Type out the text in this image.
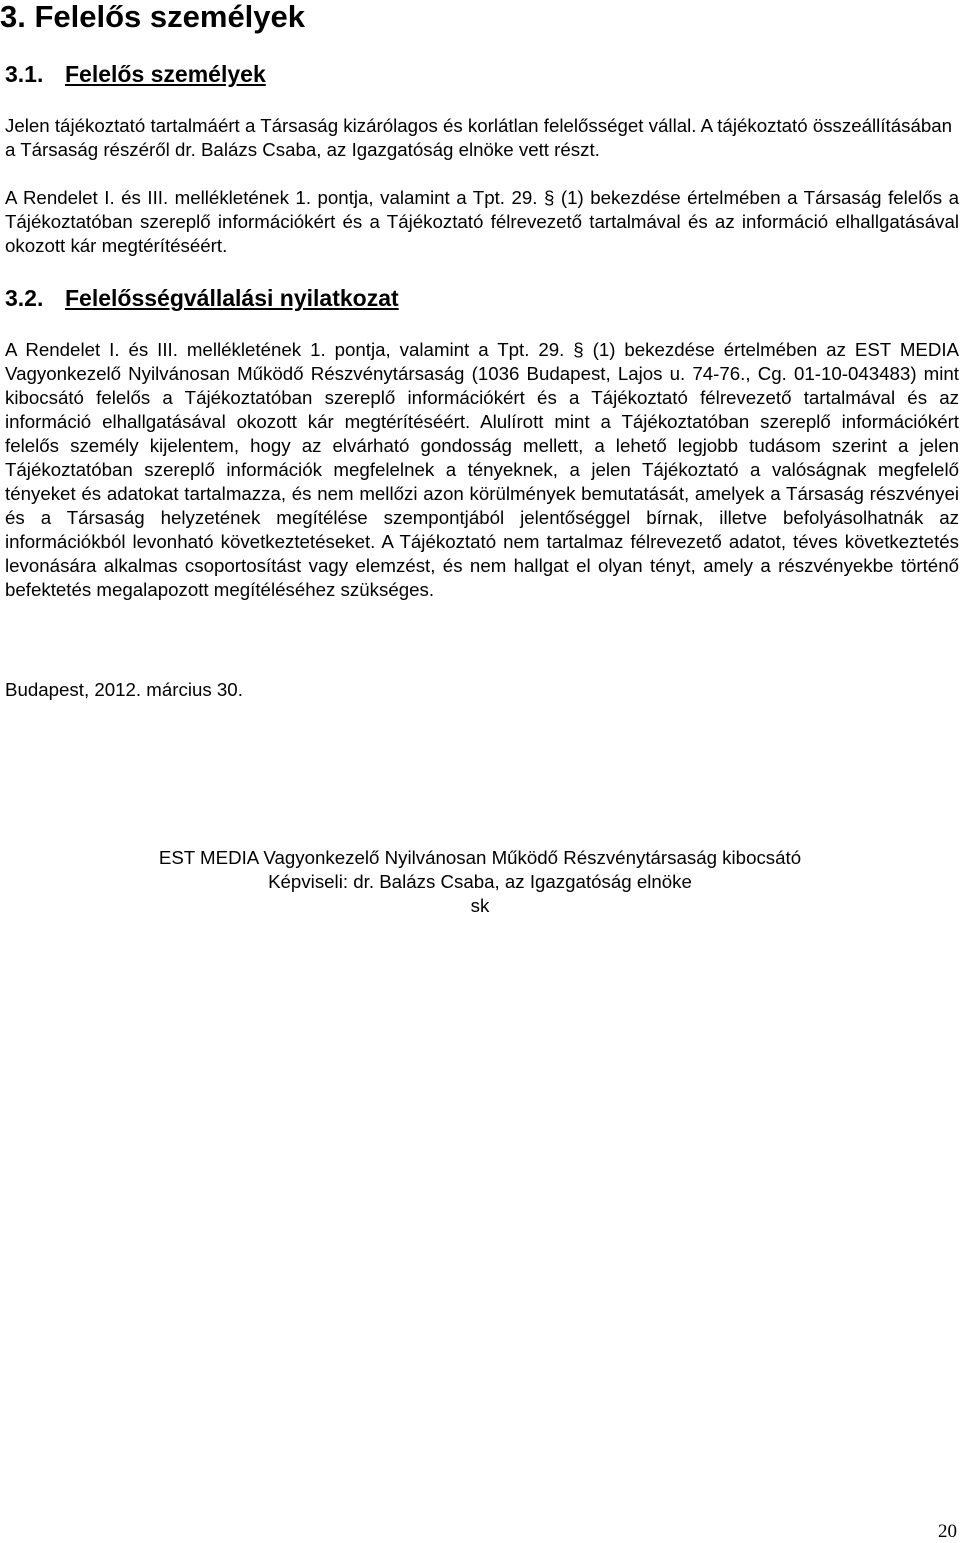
3. Felelős személyek
3.1. Felelős személyek
Jelen tájékoztató tartalmáért a Társaság kizárólagos és korlátlan felelősséget vállal. A tájékoztató összeállításában a Társaság részéről dr. Balázs Csaba, az Igazgatóság elnöke vett részt.
A Rendelet I. és III. mellékletének 1. pontja, valamint a Tpt. 29. § (1) bekezdése értelmében a Társaság felelős a Tájékoztatóban szereplő információkért és a Tájékoztató félrevezető tartalmával és az információ elhallgatásával okozott kár megtérítéséért.
3.2. Felelősségvállalási nyilatkozat
A Rendelet I. és III. mellékletének 1. pontja, valamint a Tpt. 29. § (1) bekezdése értelmében az EST MEDIA Vagyonkezelő Nyilvánosan Működő Részvénytársaság (1036 Budapest, Lajos u. 74-76., Cg. 01-10-043483) mint kibocsátó felelős a Tájékoztatóban szereplő információkért és a Tájékoztató félrevezető tartalmával és az információ elhallgatásával okozott kár megtérítéséért. Alulírott mint a Tájékoztatóban szereplő információkért felelős személy kijelentem, hogy az elvárható gondosság mellett, a lehető legjobb tudásom szerint a jelen Tájékoztatóban szereplő információk megfelelnek a tényeknek, a jelen Tájékoztató a valóságnak megfelelő tényeket és adatokat tartalmazza, és nem mellőzi azon körülmények bemutatását, amelyek a Társaság részvényei és a Társaság helyzetének megítélése szempontjából jelentőséggel bírnak, illetve befolyásolhatnák az információkból levonható következtetéseket. A Tájékoztató nem tartalmaz félrevezető adatot, téves következtetés levonására alkalmas csoportosítást vagy elemzést, és nem hallgat el olyan tényt, amely a részvényekbe történő befektetés megalapozott megítéléséhez szükséges.
Budapest, 2012. március 30.
EST MEDIA Vagyonkezelő Nyilvánosan Működő Részvénytársaság kibocsátó
Képviseli: dr. Balázs Csaba, az Igazgatóság elnöke
sk
20
